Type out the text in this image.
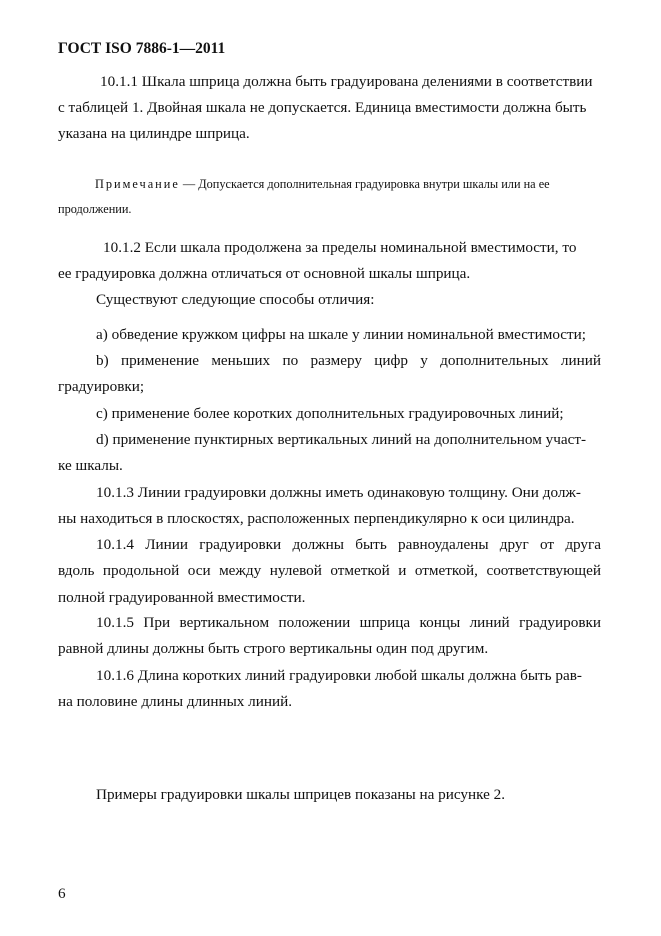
ГОСТ ISO 7886-1—2011
10.1.1 Шкала шприца должна быть градуирована делениями в соответствии
с таблицей 1. Двойная шкала не допускается. Единица вместимости должна быть
указана на цилиндре шприца.
Примечание — Допускается дополнительная градуировка внутри шкалы или на ее
продолжении.
10.1.2 Если шкала продолжена за пределы номинальной вместимости, то
ее градуировка должна отличаться от основной шкалы шприца.
Существуют следующие способы отличия:
а) обведение кружком цифры на шкале у линии номинальной вместимости;
b) применение меньших по размеру цифр у дополнительных линий
градуировки;
с) применение более коротких дополнительных градуировочных линий;
d) применение пунктирных вертикальных линий на дополнительном участ-
ке шкалы.
10.1.3 Линии градуировки должны иметь одинаковую толщину. Они долж-
ны находиться в плоскостях, расположенных перпендикулярно к оси цилиндра.
10.1.4 Линии градуировки должны быть равноудалены друг от друга
вдоль продольной оси между нулевой отметкой и отметкой, соответствующей
полной градуированной вместимости.
10.1.5 При вертикальном положении шприца концы линий градуировки
равной длины должны быть строго вертикальны один под другим.
10.1.6 Длина коротких линий градуировки любой шкалы должна быть рав-
на половине длины длинных линий.
Примеры градуировки шкалы шприцев показаны на рисунке 2.
6
